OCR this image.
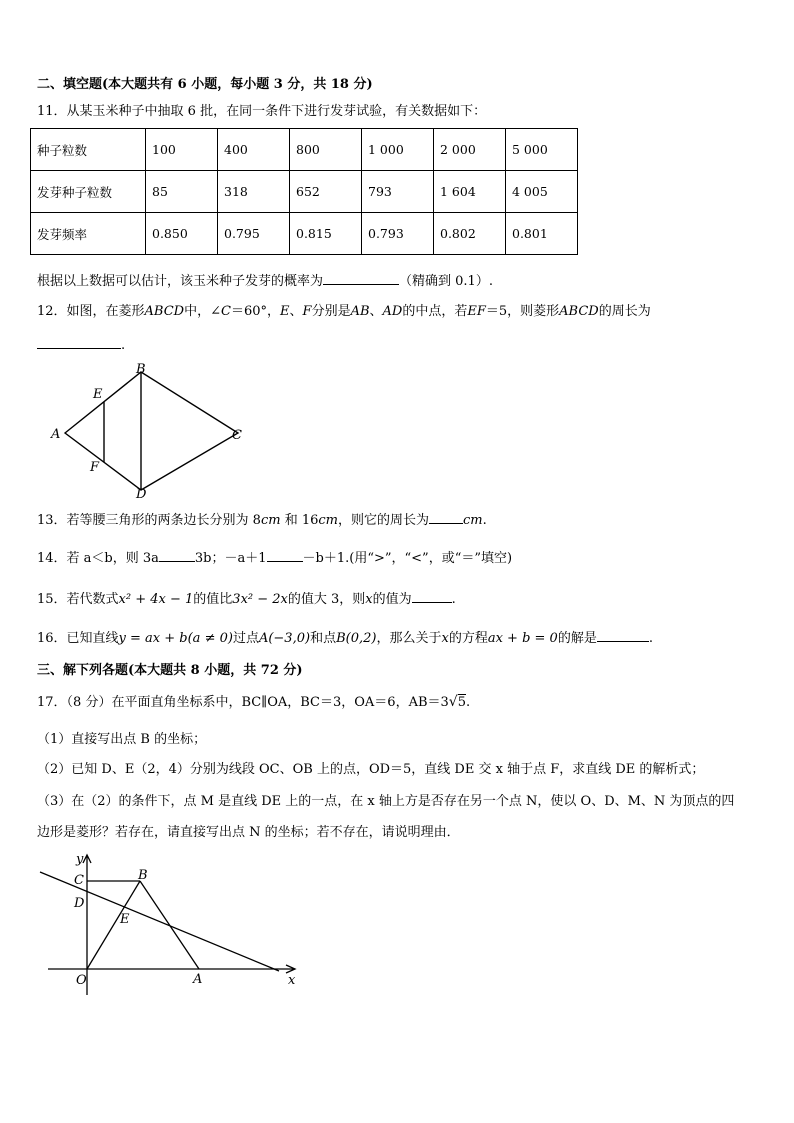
二、填空题(本大题共有 6 小题，每小题 3 分，共 18 分)
11．从某玉米种子中抽取 6 批，在同一条件下进行发芽试验，有关数据如下：
种子粒数	100	400	800	1 000	2 000	5 000
发芽种子粒数	85	318	652	793	1 604	4 005
发芽频率	0.850	0.795	0.815	0.793	0.802	0.801
根据以上数据可以估计，该玉米种子发芽的概率为	（精确到 0.1）.
12．如图，在菱形ABCD中，∠C＝60°，E、F分别是AB、AD的中点，若EF＝5，则菱形ABCD的周长为
.
B
E
A	C
F
D
13．若等腰三角形的两条边长分别为 8cm 和 16cm，则它的周长为	cm.
14．若 a＜b，则 3a	3b；－a＋1	－b＋1.(用“>”，“<”，或“＝”填空)
15．若代数式x² + 4x − 1的值比3x² − 2x的值大 3，则x的值为	.
16．已知直线y = ax + b(a ≠ 0)过点A(−3,0)和点B(0,2)，那么关于x的方程ax + b = 0的解是	.
三、解下列各题(本大题共 8 小题，共 72 分)
17．（8 分）在平面直角坐标系中，BC∥OA，BC＝3，OA＝6，AB＝3√5.
（1）直接写出点 B 的坐标；
（2）已知 D、E（2，4）分别为线段 OC、OB 上的点，OD＝5，直线 DE 交 x 轴于点 F，求直线 DE 的解析式；
（3）在（2）的条件下，点 M 是直线 DE 上的一点，在 x 轴上方是否存在另一个点 N，使以 O、D、M、N 为顶点的四
边形是菱形？若存在，请直接写出点 N 的坐标；若不存在，请说明理由．
y
x
C	B
D
E
O	A
